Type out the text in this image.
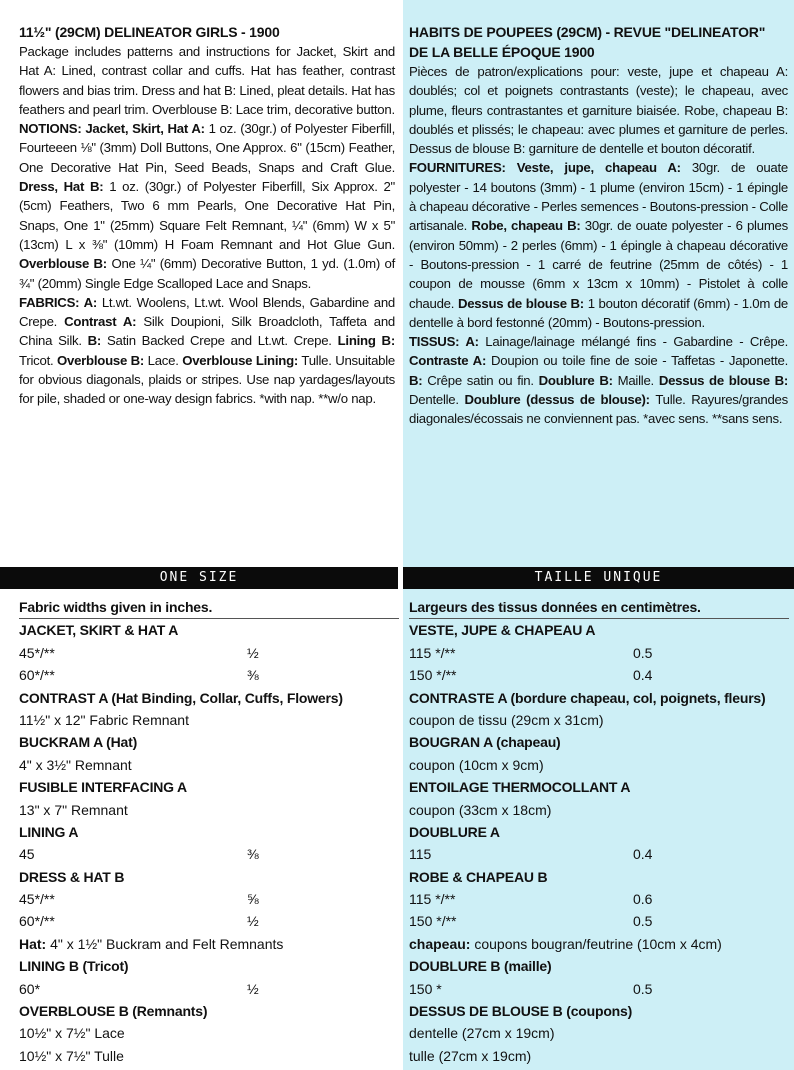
11½" (29CM) DELINEATOR GIRLS - 1900

Package includes patterns and instructions for Jacket, Skirt and Hat A: Lined, contrast collar and cuffs. Hat has feather, contrast flowers and bias trim. Dress and hat B: Lined, pleat details. Hat has feathers and pearl trim. Overblouse B: Lace trim, decorative button.

NOTIONS: Jacket, Skirt, Hat A: 1 oz. (30gr.) of Polyester Fiberfill, Fourteeen ⅛" (3mm) Doll Buttons, One Approx. 6" (15cm) Feather, One Decorative Hat Pin, Seed Beads, Snaps and Craft Glue. Dress, Hat B: 1 oz. (30gr.) of Polyester Fiberfill, Six Approx. 2" (5cm) Feathers, Two 6 mm Pearls, One Decorative Hat Pin, Snaps, One 1" (25mm) Square Felt Remnant, ¼" (6mm) W x 5" (13cm) L x ⅜" (10mm) H Foam Remnant and Hot Glue Gun. Overblouse B: One ¼" (6mm) Decorative Button, 1 yd. (1.0m) of ¾" (20mm) Single Edge Scalloped Lace and Snaps.

FABRICS: A: Lt.wt. Woolens, Lt.wt. Wool Blends, Gabardine and Crepe. Contrast A: Silk Doupioni, Silk Broadcloth, Taffeta and China Silk. B: Satin Backed Crepe and Lt.wt. Crepe. Lining B: Tricot. Overblouse B: Lace. Overblouse Lining: Tulle. Unsuitable for obvious diagonals, plaids or stripes. Use nap yardages/layouts for pile, shaded or one-way design fabrics. *with nap. **w/o nap.

HABITS DE POUPEES (29CM) - REVUE "DELINEATOR"

DE LA BELLE ÉPOQUE 1900

Pièces de patron/explications pour: veste, jupe et chapeau A: doublés; col et poignets contrastants (veste); le chapeau, avec plume, fleurs contrastantes et garniture biaisée. Robe, chapeau B: doublés et plissés; le chapeau: avec plumes et garniture de perles. Dessus de blouse B: garniture de dentelle et bouton décoratif.

FOURNITURES: Veste, jupe, chapeau A: 30gr. de ouate polyester - 14 boutons (3mm) - 1 plume (environ 15cm) - 1 épingle à chapeau décorative - Perles semences - Boutons-pression - Colle artisanale. Robe, chapeau B: 30gr. de ouate polyester - 6 plumes (environ 50mm) - 2 perles (6mm) - 1 épingle à chapeau décorative - Boutons-pression - 1 carré de feutrine (25mm de côtés) - 1 coupon de mousse (6mm x 13cm x 10mm) - Pistolet à colle chaude. Dessus de blouse B: 1 bouton décoratif (6mm) - 1.0m de dentelle à bord festonné (20mm) - Boutons-pression.

TISSUS: A: Lainage/lainage mélangé fins - Gabardine - Crêpe. Contraste A: Doupion ou toile fine de soie - Taffetas - Japonette. B: Crêpe satin ou fin. Doublure B: Maille. Dessus de blouse B: Dentelle. Doublure (dessus de blouse): Tulle. Rayures/grandes diagonales/écossais ne conviennent pas. *avec sens. **sans sens.

ONE SIZE	TAILLE UNIQUE
Fabric widths given in inches.
JACKET, SKIRT & HAT A
45*/**	½
60*/**	⅜
CONTRAST A (Hat Binding, Collar, Cuffs, Flowers)
11½" x 12" Fabric Remnant
BUCKRAM A (Hat)
4" x 3½" Remnant
FUSIBLE INTERFACING A
13" x 7" Remnant
LINING A
45	⅜
DRESS & HAT B
45*/**	⅝
60*/**	½
Hat: 4" x 1½" Buckram and Felt Remnants
LINING B (Tricot)
60*	½
OVERBLOUSE B (Remnants)
10½" x 7½" Lace
10½" x 7½" Tulle
Largeurs des tissus données en centimètres.
VESTE, JUPE & CHAPEAU A
115 */**	0.5
150 */**	0.4
CONTRASTE A (bordure chapeau, col, poignets, fleurs)
coupon de tissu (29cm x 31cm)
BOUGRAN A (chapeau)
coupon (10cm x 9cm)
ENTOILAGE THERMOCOLLANT A
coupon (33cm x 18cm)
DOUBLURE A
115	0.4
ROBE & CHAPEAU B
115 */**	0.6
150 */**	0.5
chapeau: coupons bougran/feutrine (10cm x 4cm)
DOUBLURE B (maille)
150 *	0.5
DESSUS DE BLOUSE B (coupons)
dentelle (27cm x 19cm)
tulle (27cm x 19cm)
